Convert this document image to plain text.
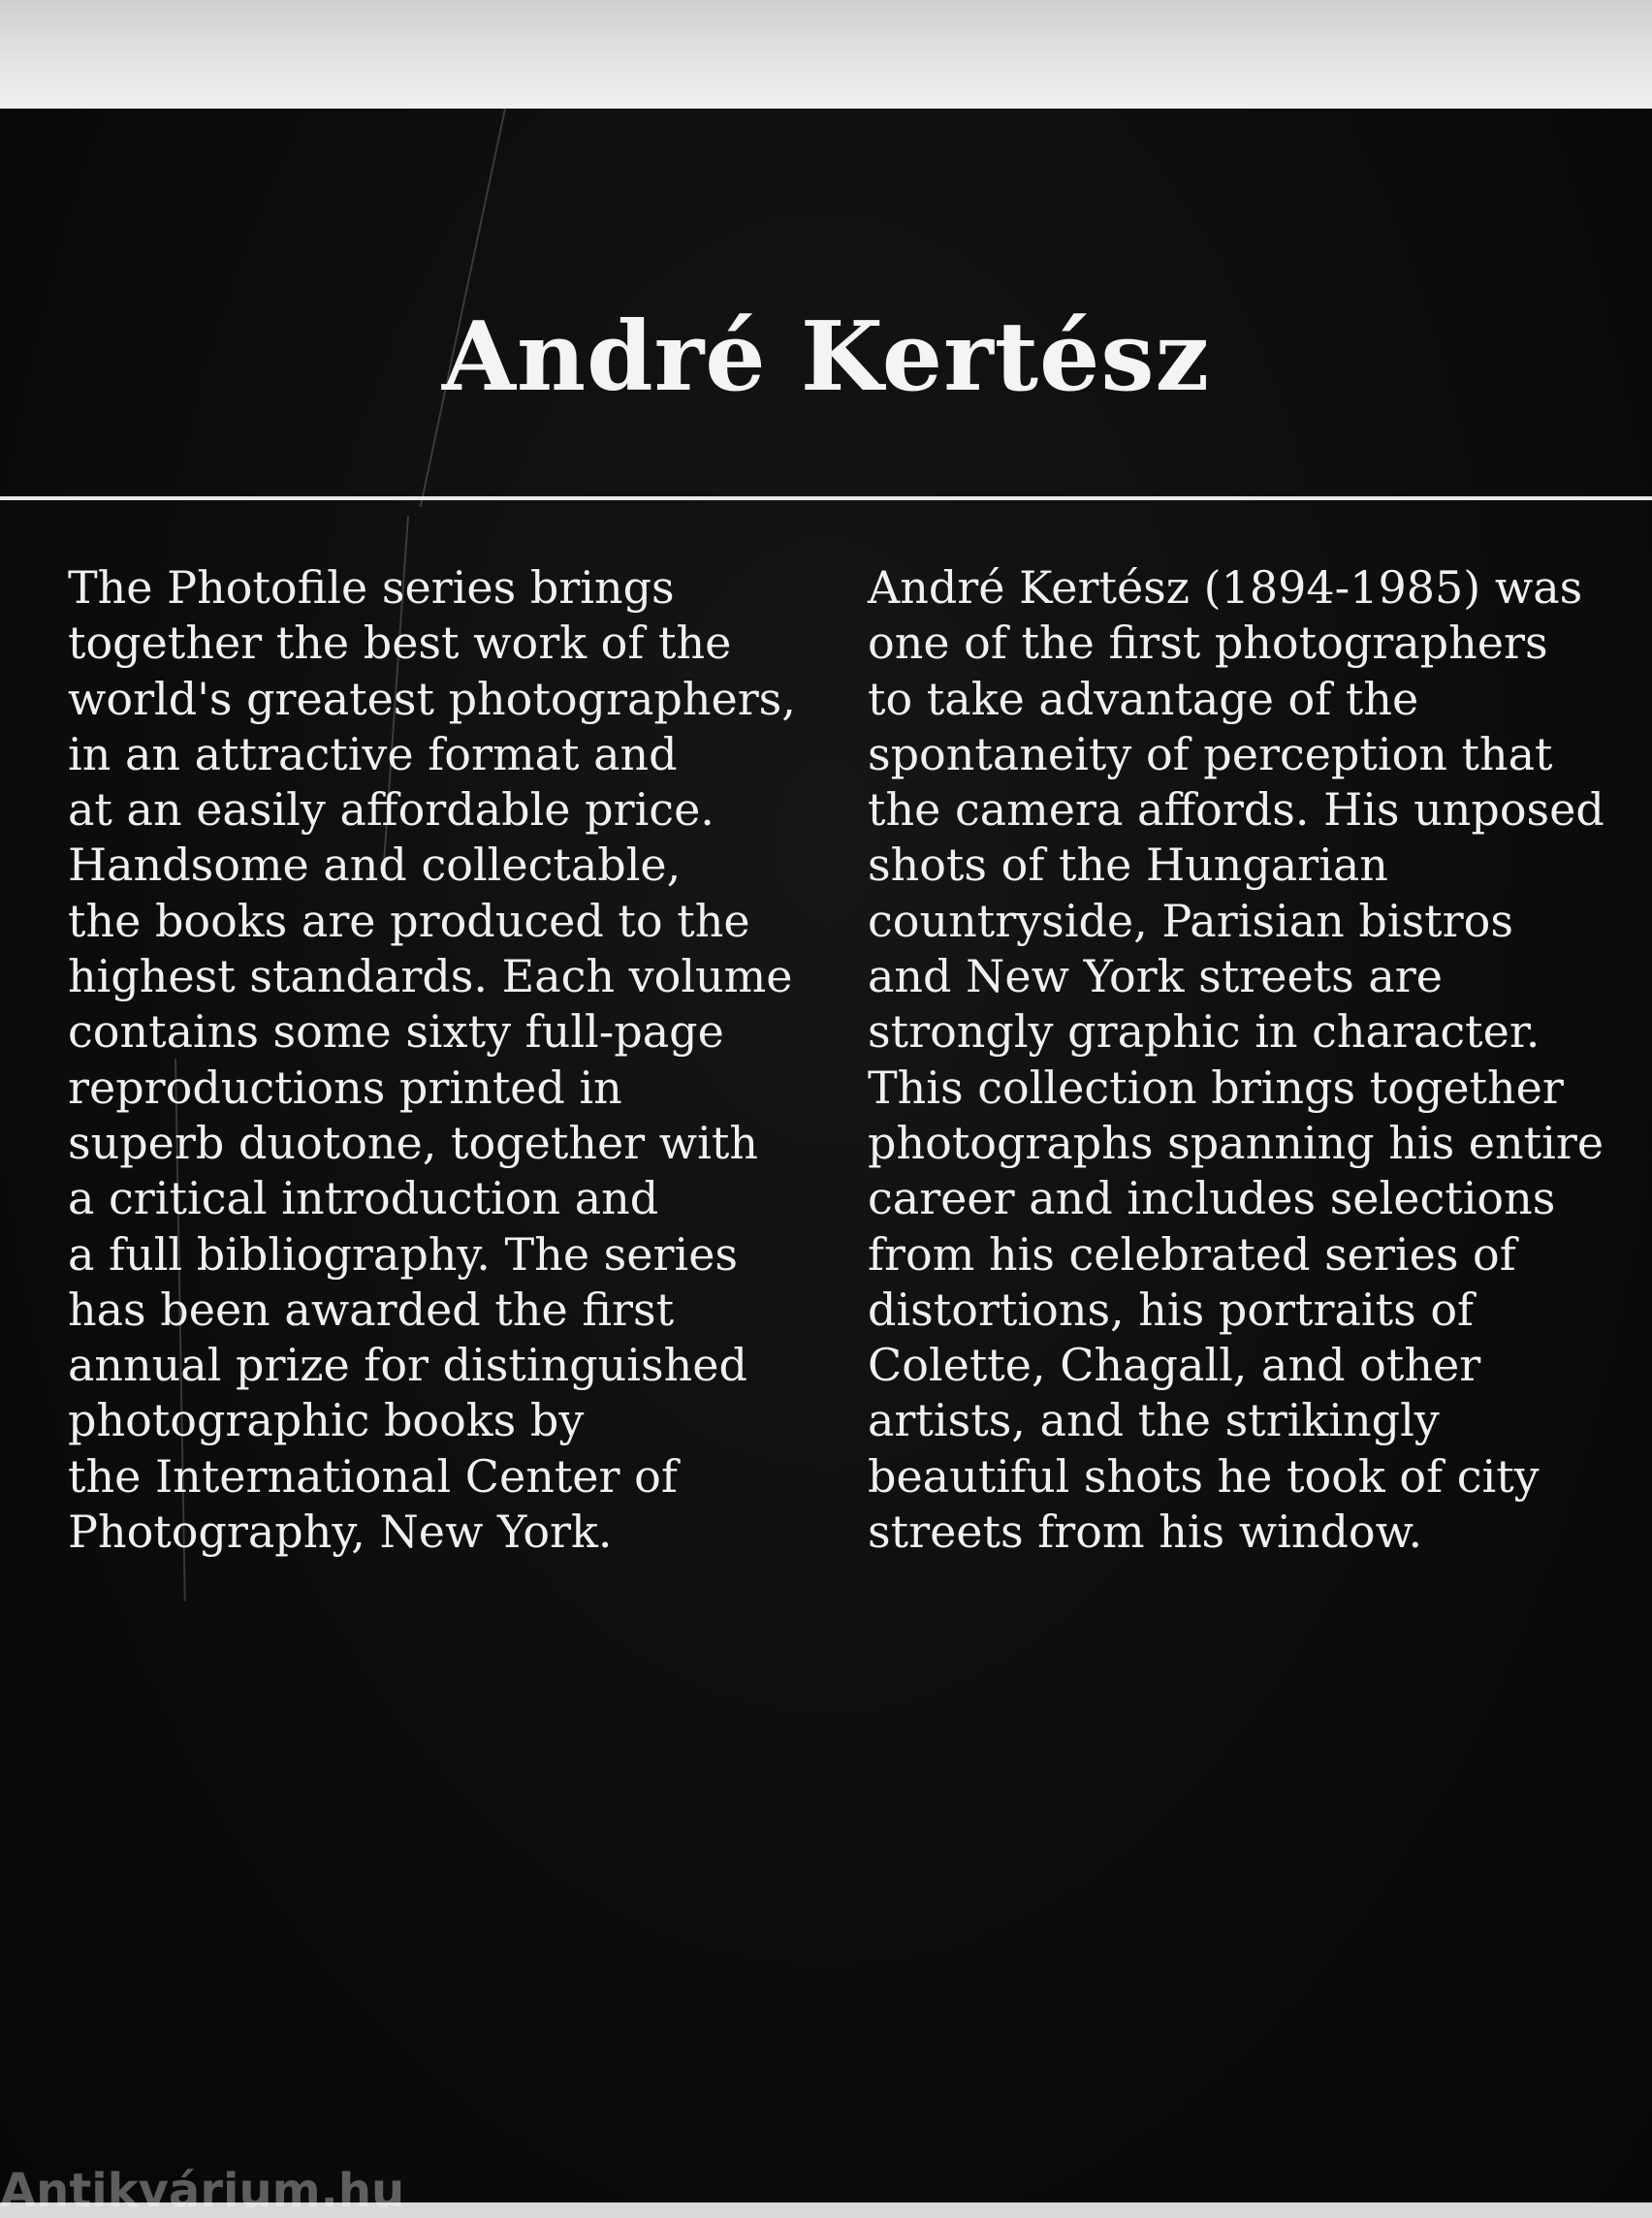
André Kertész

The Photofile series brings
together the best work of the
world's greatest photographers,
in an attractive format and
at an easily affordable price.
Handsome and collectable,
the books are produced to the
highest standards. Each volume
contains some sixty full-page
reproductions printed in
superb duotone, together with
a critical introduction and
a full bibliography. The series
has been awarded the first
annual prize for distinguished
photographic books by
the International Center of
Photography, New York.

André Kertész (1894-1985) was
one of the first photographers
to take advantage of the
spontaneity of perception that
the camera affords. His unposed
shots of the Hungarian
countryside, Parisian bistros
and New York streets are
strongly graphic in character.
This collection brings together
photographs spanning his entire
career and includes selections
from his celebrated series of
distortions, his portraits of
Colette, Chagall, and other
artists, and the strikingly
beautiful shots he took of city
streets from his window.

Antikvárium.hu
